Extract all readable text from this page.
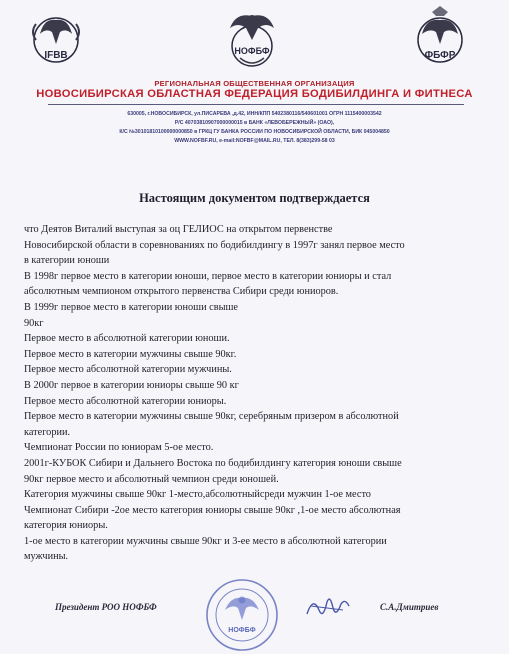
IFBB	НОФБФ	ФБФР
РЕГИОНАЛЬНАЯ ОБЩЕСТВЕННАЯ ОРГАНИЗАЦИЯ
НОВОСИБИРСКАЯ ОБЛАСТНАЯ ФЕДЕРАЦИЯ БОДИБИЛДИНГА И ФИТНЕСА
630005, г.НОВОСИБИРСК, ул.ПИСАРЕВА ,д.42, ИНН/КПП 5402380116/540601001 ОГРН 1115400003542
Р/С 40703810907000000015 в БАНК «ЛЕВОБЕРЕЖНЫЙ» (ОАО),
К/С №30101810100000000850 в ГРКЦ ГУ БАНКА РОССИИ ПО НОВОСИБИРСКОЙ ОБЛАСТИ, БИК 045004850
WWW.NOFBF.RU, e-mail:NOFBF@MAIL.RU, ТЕЛ. 8(383)299-58 03
Настоящим документом подтверждается

что Деятов Виталий выступая за оц ГЕЛИОС на открытом первенстве

Новосибирской области в соревнованиях по бодибилдингу в 1997г занял первое место

в категории юноши

В 1998г первое место в категории юноши, первое место в категории юниоры и стал

абсолютным чемпионом открытого первенства Сибири среди юниоров.

В 1999г первое место в категории юноши свыше

90кг

Первое место в абсолютной категории юноши.

Первое место в категории мужчины свыше 90кг.

Первое место абсолютной категории мужчины.

В 2000г первое в категории юниоры свыше 90 кг

Первое место абсолютной категории юниоры.

Первое место в категории мужчины свыше 90кг, серебряным призером в абсолютной

категории.

Чемпионат России по юниорам 5-ое место.

2001г-КУБОК Сибири и Дальнего Востока по бодибилдингу категория юноши свыше

90кг первое место и абсолютный чемпион среди юношей.

Категория мужчины свыше 90кг 1-место,абсолютныйсреди мужчин 1-ое место

Чемпионат Сибири -2ое место категория юниоры свыше 90кг ,1-ое место абсолютная

категория юниоры.

1-ое место в категории мужчины свыше 90кг и 3-ее место в абсолютной категории

мужчины.

Президент РОО НОФБФ
НОФБФ
С.А.Дмитриев
